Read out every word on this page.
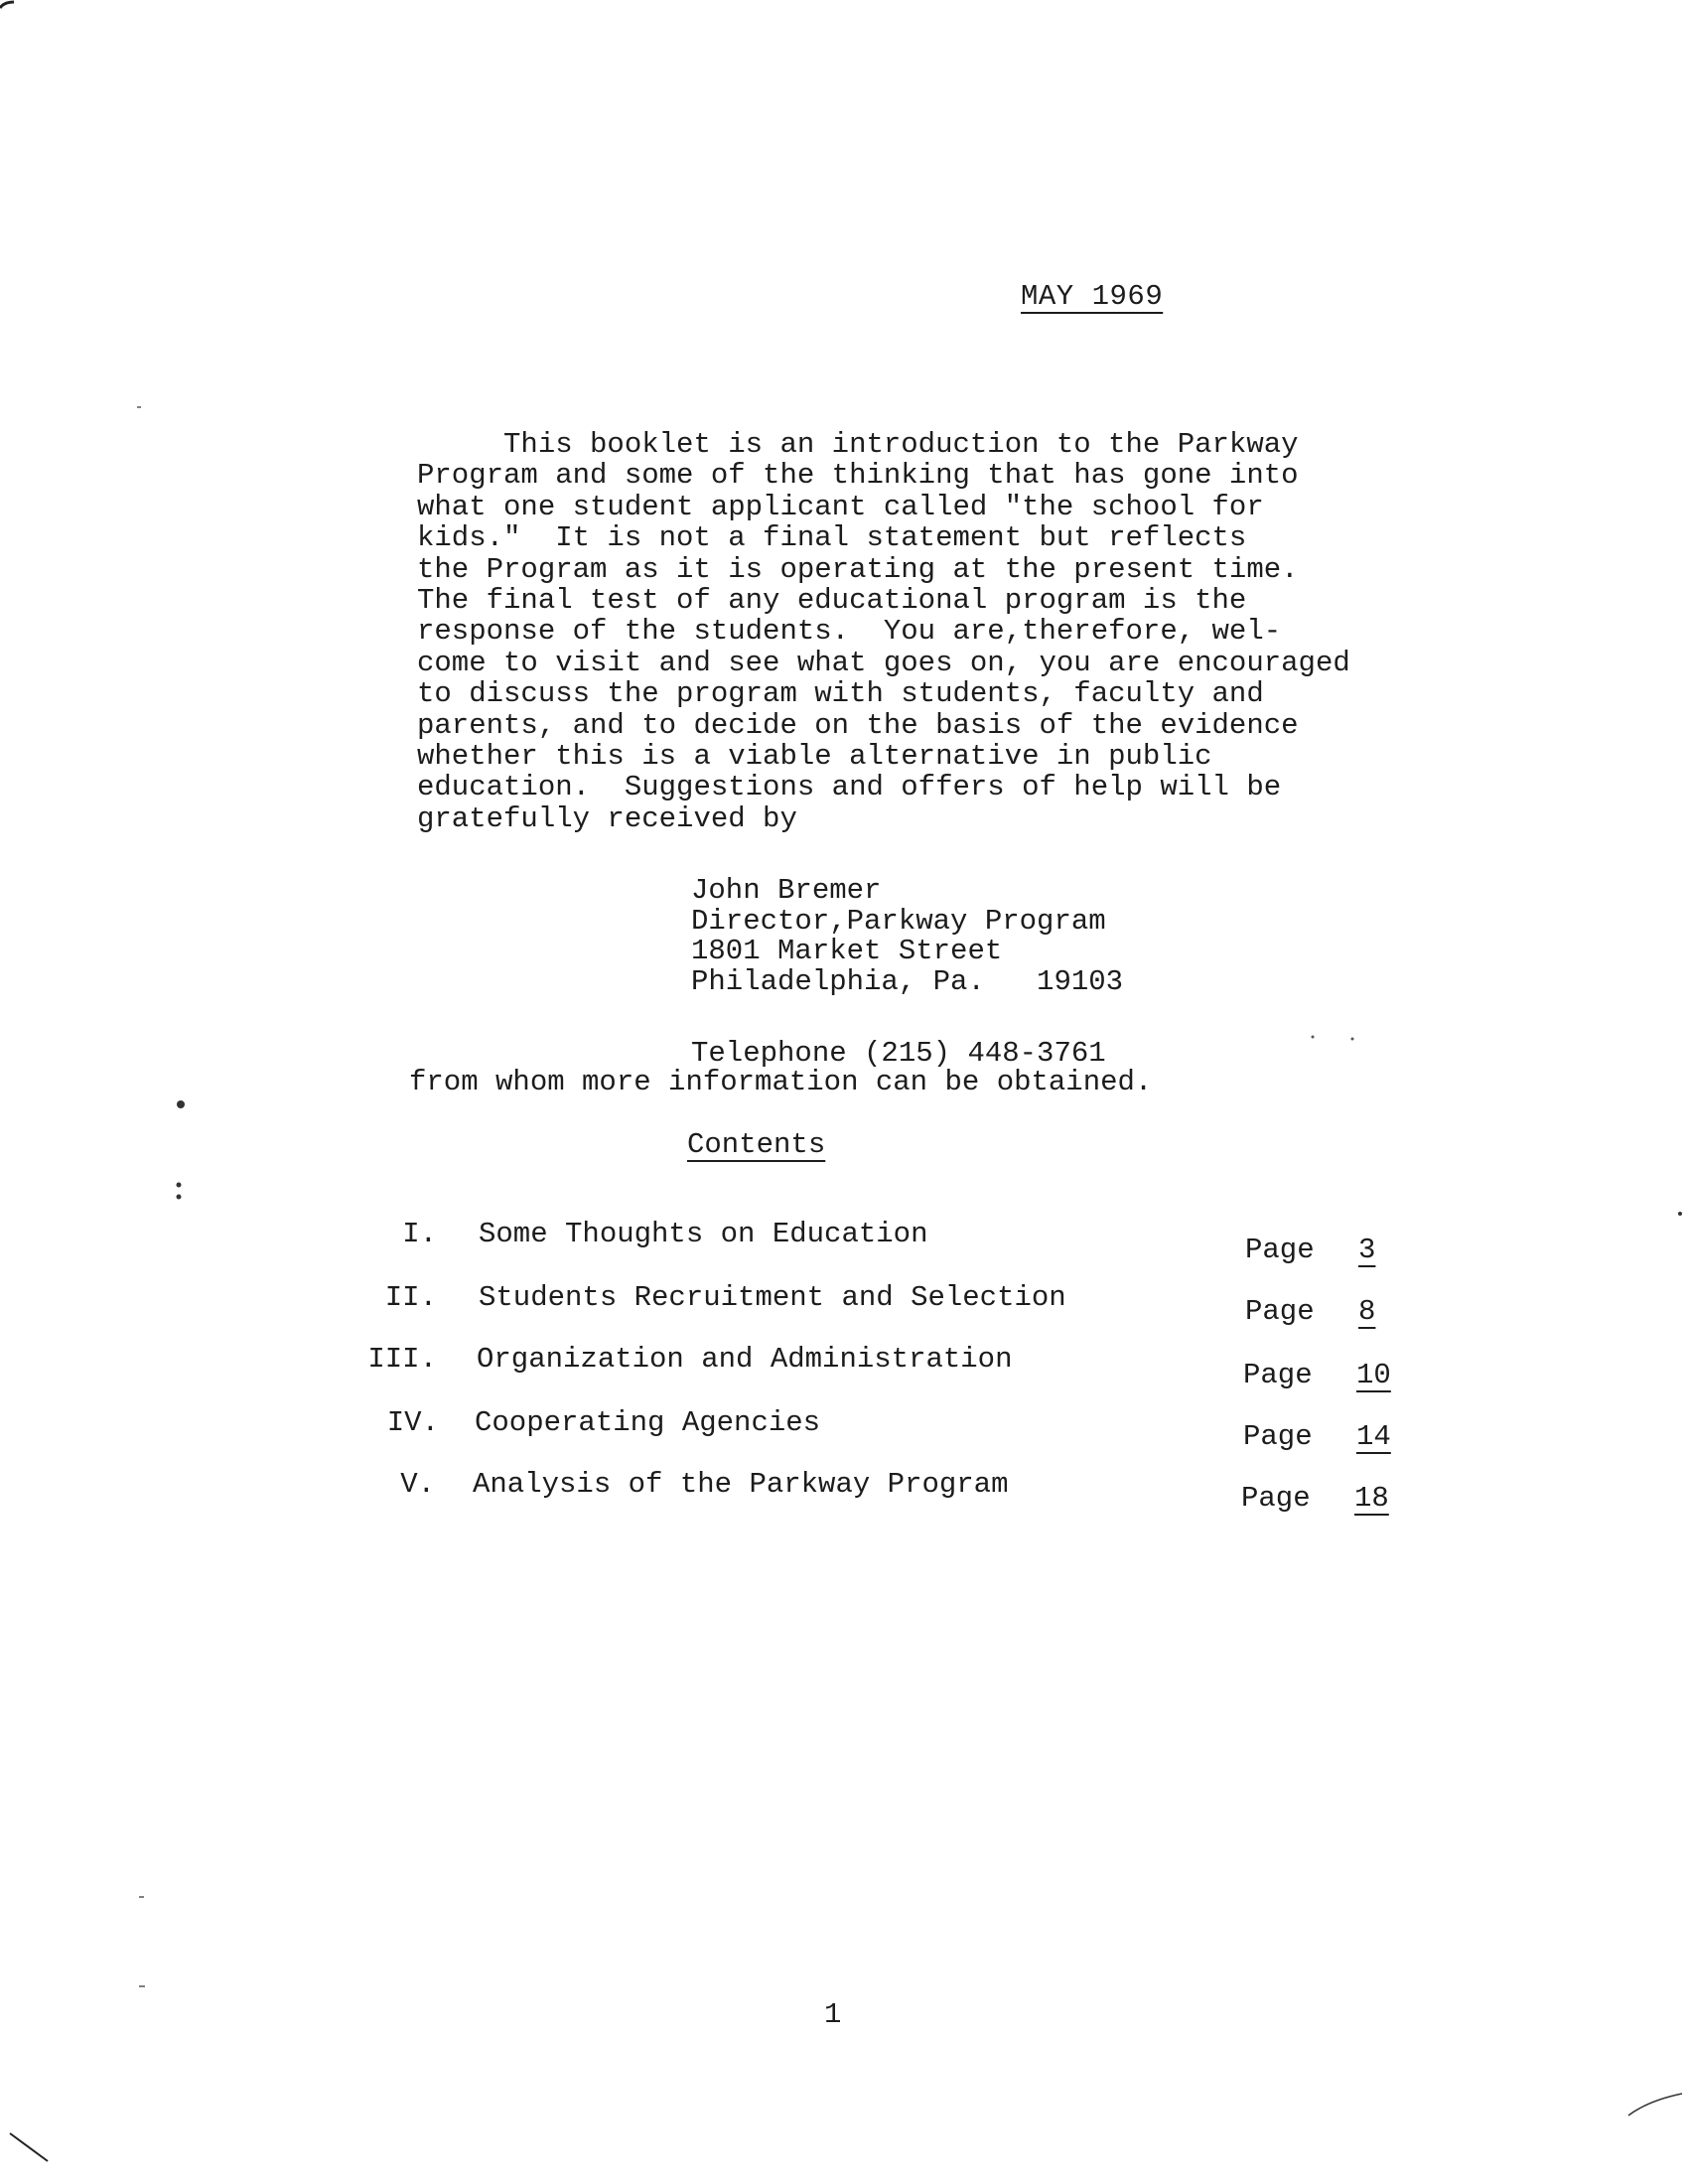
MAY 1969
This booklet is an introduction to the Parkway
Program and some of the thinking that has gone into
what one student applicant called "the school for
kids."  It is not a final statement but reflects
the Program as it is operating at the present time.
The final test of any educational program is the
response of the students.  You are,therefore, wel-
come to visit and see what goes on, you are encouraged
to discuss the program with students, faculty and
parents, and to decide on the basis of the evidence
whether this is a viable alternative in public
education.  Suggestions and offers of help will be
gratefully received by
John Bremer
Director,Parkway Program
1801 Market Street
Philadelphia, Pa.   19103
Telephone (215) 448-3761
from whom more information can be obtained.
Contents
I. Some Thoughts on Education	Page 3
II. Students Recruitment and Selection	Page 8
III. Organization and Administration	Page 10
IV. Cooperating Agencies	Page 14
V. Analysis of the Parkway Program	Page 18
1
